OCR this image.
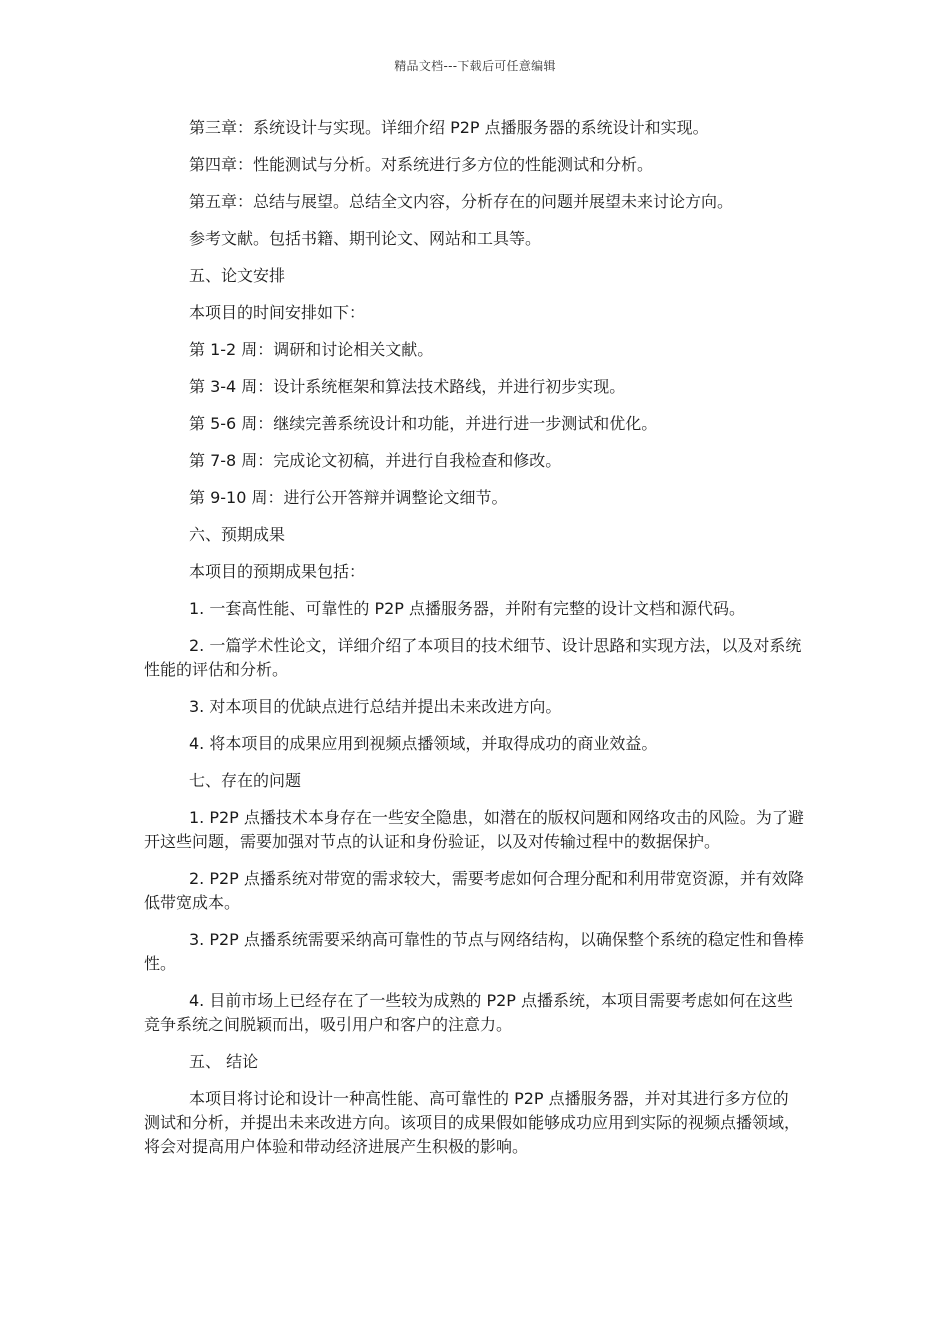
精品文档---下载后可任意编辑

第三章：系统设计与实现。详细介绍 P2P 点播服务器的系统设计和实现。

第四章：性能测试与分析。对系统进行多方位的性能测试和分析。

第五章：总结与展望。总结全文内容，分析存在的问题并展望未来讨论方向。

参考文献。包括书籍、期刊论文、网站和工具等。

五、论文安排

本项目的时间安排如下：

第 1-2 周：调研和讨论相关文献。

第 3-4 周：设计系统框架和算法技术路线，并进行初步实现。

第 5-6 周：继续完善系统设计和功能，并进行进一步测试和优化。

第 7-8 周：完成论文初稿，并进行自我检查和修改。

第 9-10 周：进行公开答辩并调整论文细节。

六、预期成果

本项目的预期成果包括：

1. 一套高性能、可靠性的 P2P 点播服务器，并附有完整的设计文档和源代码。

2. 一篇学术性论文，详细介绍了本项目的技术细节、设计思路和实现方法，以及对系统性能的评估和分析。

3. 对本项目的优缺点进行总结并提出未来改进方向。

4. 将本项目的成果应用到视频点播领域，并取得成功的商业效益。

七、存在的问题

1. P2P 点播技术本身存在一些安全隐患，如潜在的版权问题和网络攻击的风险。为了避开这些问题，需要加强对节点的认证和身份验证，以及对传输过程中的数据保护。

2. P2P 点播系统对带宽的需求较大，需要考虑如何合理分配和利用带宽资源，并有效降低带宽成本。

3. P2P 点播系统需要采纳高可靠性的节点与网络结构，以确保整个系统的稳定性和鲁棒性。

4. 目前市场上已经存在了一些较为成熟的 P2P 点播系统，本项目需要考虑如何在这些竞争系统之间脱颖而出，吸引用户和客户的注意力。

五、 结论

本项目将讨论和设计一种高性能、高可靠性的 P2P 点播服务器，并对其进行多方位的测试和分析，并提出未来改进方向。该项目的成果假如能够成功应用到实际的视频点播领域，将会对提高用户体验和带动经济进展产生积极的影响。
